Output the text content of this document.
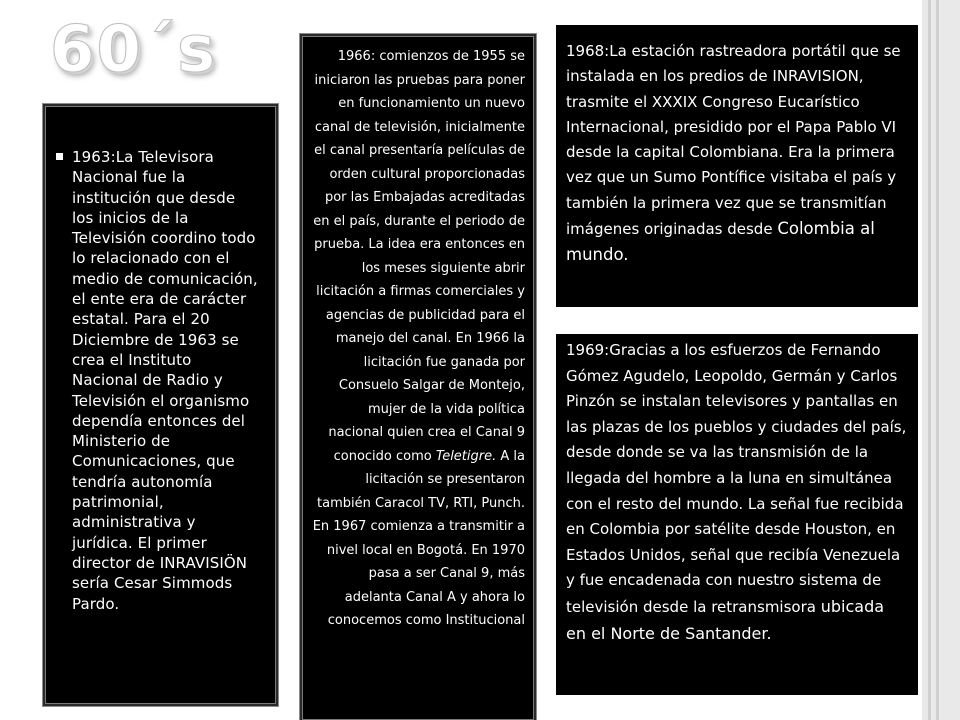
60´s
1963:La Televisora Nacional fue la institución que desde los inicios de la Televisión coordino todo lo relacionado con el medio de comunicación, el ente era de carácter estatal. Para el 20 Diciembre de 1963 se crea el Instituto Nacional de Radio y Televisión el organismo dependía entonces del Ministerio de Comunicaciones, que tendría autonomía patrimonial, administrativa y jurídica. El primer director de INRAVISIÖN sería Cesar Simmods Pardo.
1966: comienzos de 1955 se iniciaron las pruebas para poner en funcionamiento un nuevo canal de televisión, inicialmente el canal presentaría películas de orden cultural proporcionadas por las Embajadas acreditadas en el país, durante el periodo de prueba. La idea era entonces en los meses siguiente abrir licitación a firmas comerciales y agencias de publicidad para el manejo del canal. En 1966 la licitación fue ganada por Consuelo Salgar de Montejo, mujer de la vida política nacional quien crea el Canal 9 conocido como Teletigre. A la licitación se presentaron también Caracol TV, RTI, Punch. En 1967 comienza a transmitir a nivel local en Bogotá. En 1970 pasa a ser Canal 9, más adelanta Canal A y ahora lo conocemos como Institucional
1968:La estación rastreadora portátil que se instalada en los predios de INRAVISION, trasmite el XXXIX Congreso Eucarístico Internacional, presidido por el Papa Pablo VI desde la capital Colombiana. Era la primera vez que un Sumo Pontífice visitaba el país y también la primera vez que se transmitían imágenes originadas desde Colombia al mundo.
1969:Gracias a los esfuerzos de Fernando Gómez Agudelo, Leopoldo, Germán y Carlos Pinzón se instalan televisores y pantallas en las plazas de los pueblos y ciudades del país, desde donde se va las transmisión de la llegada del hombre a la luna en simultánea con el resto del mundo. La señal fue recibida en Colombia por satélite desde Houston, en Estados Unidos, señal que recibía Venezuela y fue encadenada con nuestro sistema de televisión desde la retransmisora ubicada en el Norte de Santander.
